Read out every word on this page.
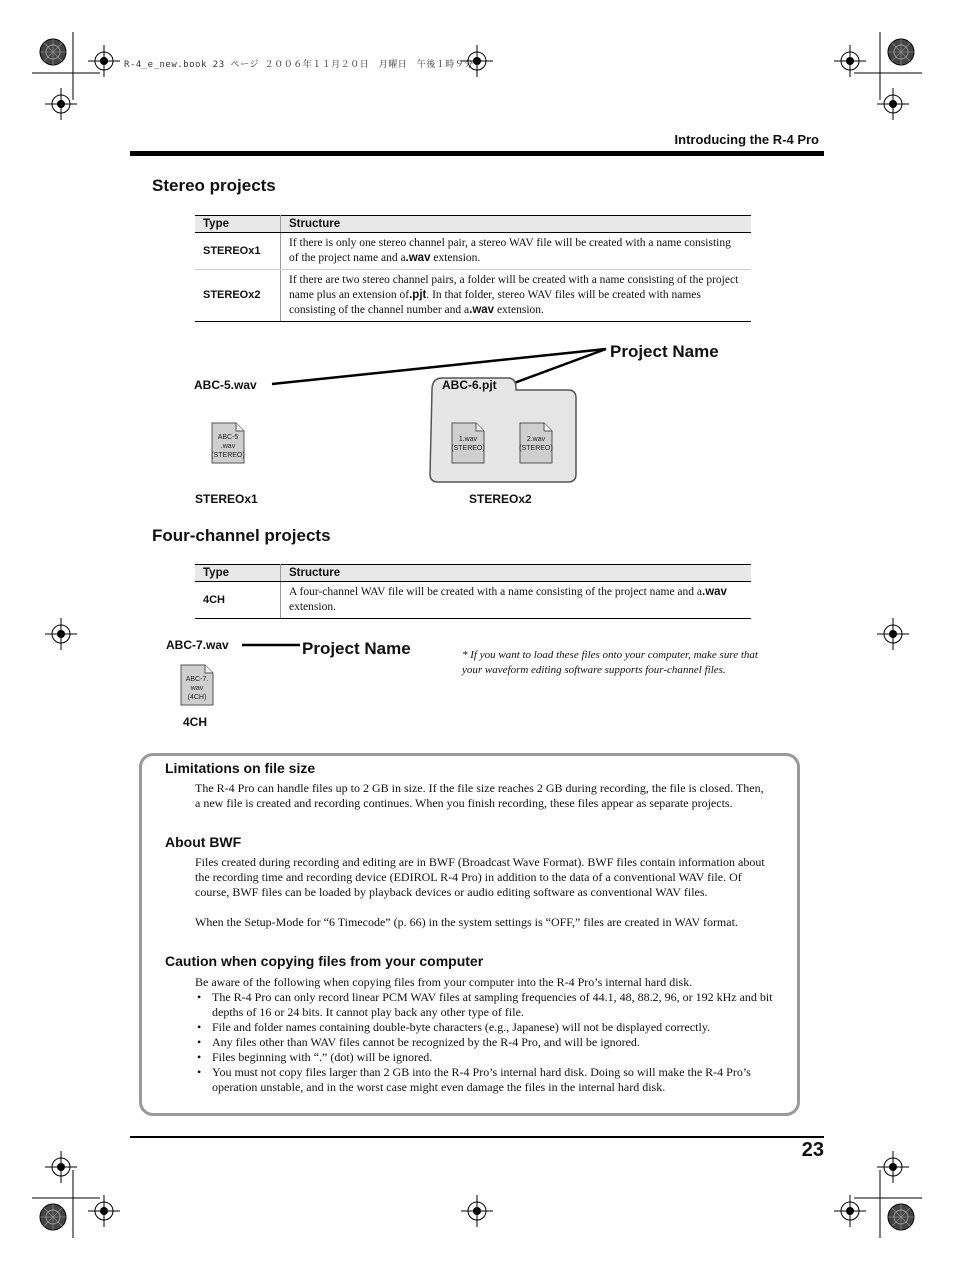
R-4_e_new.book 23 ページ ２００６年１１月２０日　月曜日　午後１時９分
Introducing the R-4 Pro
Stereo projects
Type	Structure
STEREOx1	If there is only one stereo channel pair, a stereo WAV file will be created with a name consisting of the project name and a.wav extension.
STEREOx2	If there are two stereo channel pairs, a folder will be created with a name consisting of the project name plus an extension of.pjt. In that folder, stereo WAV files will be created with names consisting of the channel number and a.wav extension.
Project Name
ABC-5.wav
ABC-5
.wav
(STEREO)
ABC-6.pjt
1.wav
(STEREO)
2.wav
(STEREO)
STEREOx1	STEREOx2
Four-channel projects
Type	Structure
4CH	A four-channel WAV file will be created with a name consisting of the project name and a.wav extension.
ABC-7.wav	Project Name
ABC-7.
wav
(4CH)
4CH
* If you want to load these files onto your computer, make sure that your waveform editing software supports four-channel files.
Limitations on file size

The R-4 Pro can handle files up to 2 GB in size. If the file size reaches 2 GB during recording, the file is closed. Then, a new file is created and recording continues. When you finish recording, these files appear as separate projects.

About BWF

Files created during recording and editing are in BWF (Broadcast Wave Format). BWF files contain information about the recording time and recording device (EDIROL R-4 Pro) in addition to the data of a conventional WAV file. Of course, BWF files can be loaded by playback devices or audio editing software as conventional WAV files.

When the Setup-Mode for “6 Timecode” (p. 66) in the system settings is “OFF,” files are created in WAV format.

Caution when copying files from your computer

Be aware of the following when copying files from your computer into the R-4 Pro’s internal hard disk.

• The R-4 Pro can only record linear PCM WAV files at sampling frequencies of 44.1, 48, 88.2, 96, or 192 kHz and bit depths of 16 or 24 bits. It cannot play back any other type of file.
• File and folder names containing double-byte characters (e.g., Japanese) will not be displayed correctly.
• Any files other than WAV files cannot be recognized by the R-4 Pro, and will be ignored.
• Files beginning with “.” (dot) will be ignored.
• You must not copy files larger than 2 GB into the R-4 Pro’s internal hard disk. Doing so will make the R-4 Pro’s operation unstable, and in the worst case might even damage the files in the internal hard disk.
23
